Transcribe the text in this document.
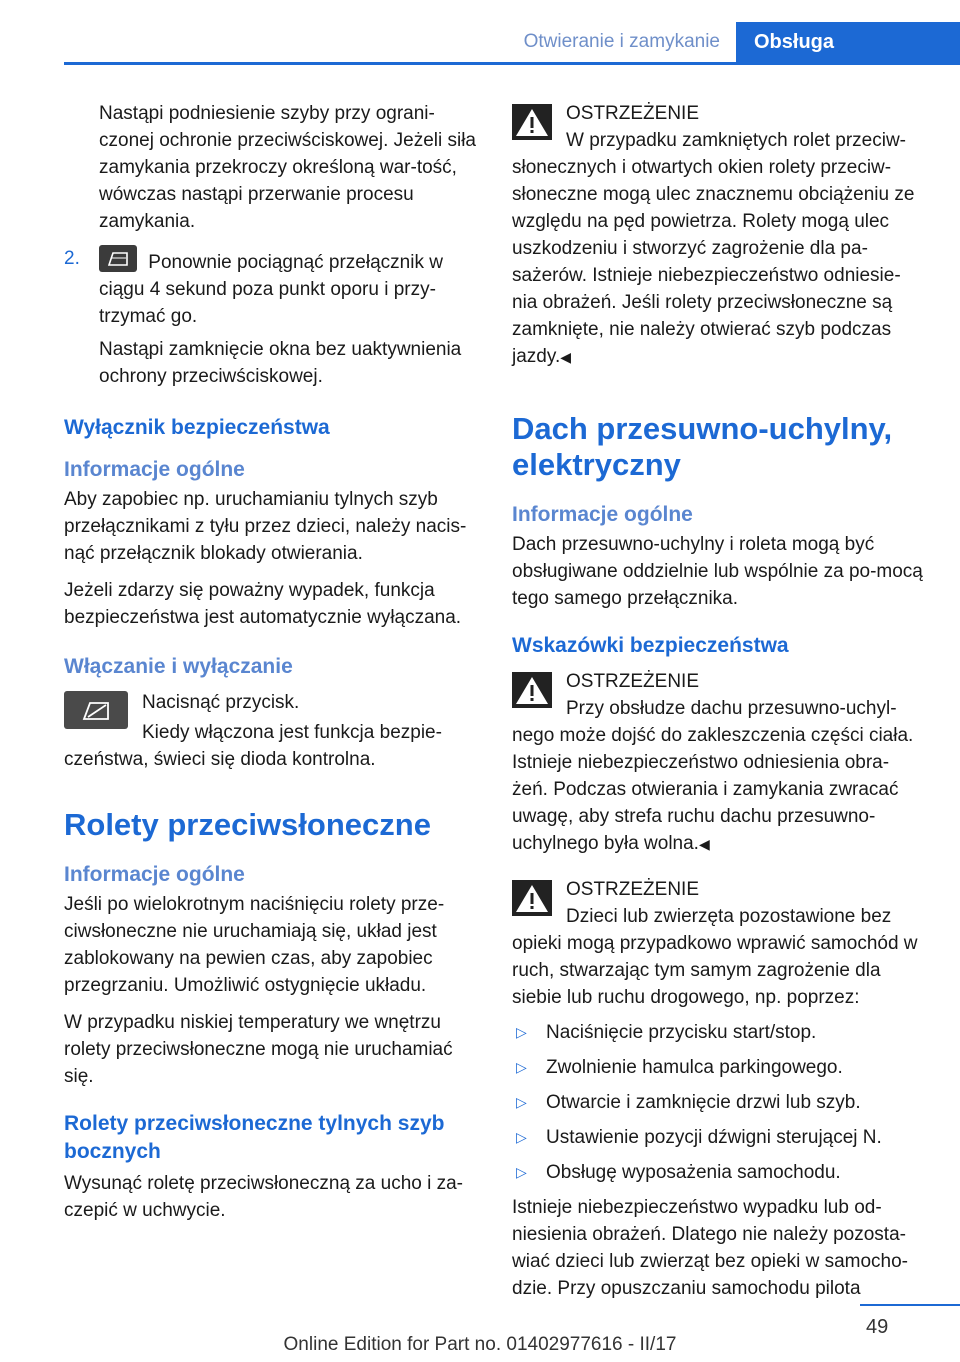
Otwieranie i zamykanie	Obsługa

Nastąpi podniesienie szyby przy ograni‐czonej ochronie przeciwściskowej. Jeżeli siła zamykania przekroczy określoną war‐tość, wówczas nastąpi przerwanie procesu zamykania.

2.	Ponownie pociągnąć przełącznik w ciągu 4 sekund poza punkt oporu i przy‐trzymać go.

Nastąpi zamknięcie okna bez uaktywnienia ochrony przeciwściskowej.

Wyłącznik bezpieczeństwa
Informacje ogólne

Aby zapobiec np. uruchamianiu tylnych szyb przełącznikami z tyłu przez dzieci, należy nacis‐nąć przełącznik blokady otwierania.

Jeżeli zdarzy się poważny wypadek, funkcja bezpieczeństwa jest automatycznie wyłączana.

Włączanie i wyłączanie

Nacisnąć przycisk.

Kiedy włączona jest funkcja bezpie‐czeństwa, świeci się dioda kontrolna.

Rolety przeciwsłoneczne
Informacje ogólne

Jeśli po wielokrotnym naciśnięciu rolety prze‐ciwsłoneczne nie uruchamiają się, układ jest zablokowany na pewien czas, aby zapobiec przegrzaniu. Umożliwić ostygnięcie układu.

W przypadku niskiej temperatury we wnętrzu rolety przeciwsłoneczne mogą nie uruchamiać się.

Rolety przeciwsłoneczne tylnych szyb bocznych

Wysunąć roletę przeciwsłoneczną za ucho i za‐czepić w uchwycie.

OSTRZEŻENIE
W przypadku zamkniętych rolet przeciw‐słonecznych i otwartych okien rolety przeciw‐słoneczne mogą ulec znacznemu obciążeniu ze względu na pęd powietrza. Rolety mogą ulec uszkodzeniu i stworzyć zagrożenie dla pa‐sażerów. Istnieje niebezpieczeństwo odniesie‐nia obrażeń. Jeśli rolety przeciwsłoneczne są zamknięte, nie należy otwierać szyb podczas jazdy.◀
Dach przesuwno-uchylny, elektryczny
Informacje ogólne

Dach przesuwno-uchylny i roleta mogą być obsługiwane oddzielnie lub wspólnie za po‐mocą tego samego przełącznika.

Wskazówki bezpieczeństwa
OSTRZEŻENIE
Przy obsłudze dachu przesuwno-uchyl‐nego może dojść do zakleszczenia części ciała. Istnieje niebezpieczeństwo odniesienia obra‐żeń. Podczas otwierania i zamykania zwracać uwagę, aby strefa ruchu dachu przesuwno-uchylnego była wolna.◀
OSTRZEŻENIE
Dzieci lub zwierzęta pozostawione bez opieki mogą przypadkowo wprawić samochód w ruch, stwarzając tym samym zagrożenie dla siebie lub ruchu drogowego, np. poprzez:
▷ Naciśnięcie przycisku start/stop.
▷ Zwolnienie hamulca parkingowego.
▷ Otwarcie i zamknięcie drzwi lub szyb.
▷ Ustawienie pozycji dźwigni sterującej N.
▷ Obsługę wyposażenia samochodu.

Istnieje niebezpieczeństwo wypadku lub od‐niesienia obrażeń. Dlatego nie należy pozosta‐wiać dzieci lub zwierząt bez opieki w samocho‐dzie. Przy opuszczaniu samochodu pilota

49
Online Edition for Part no. 01402977616 - II/17
